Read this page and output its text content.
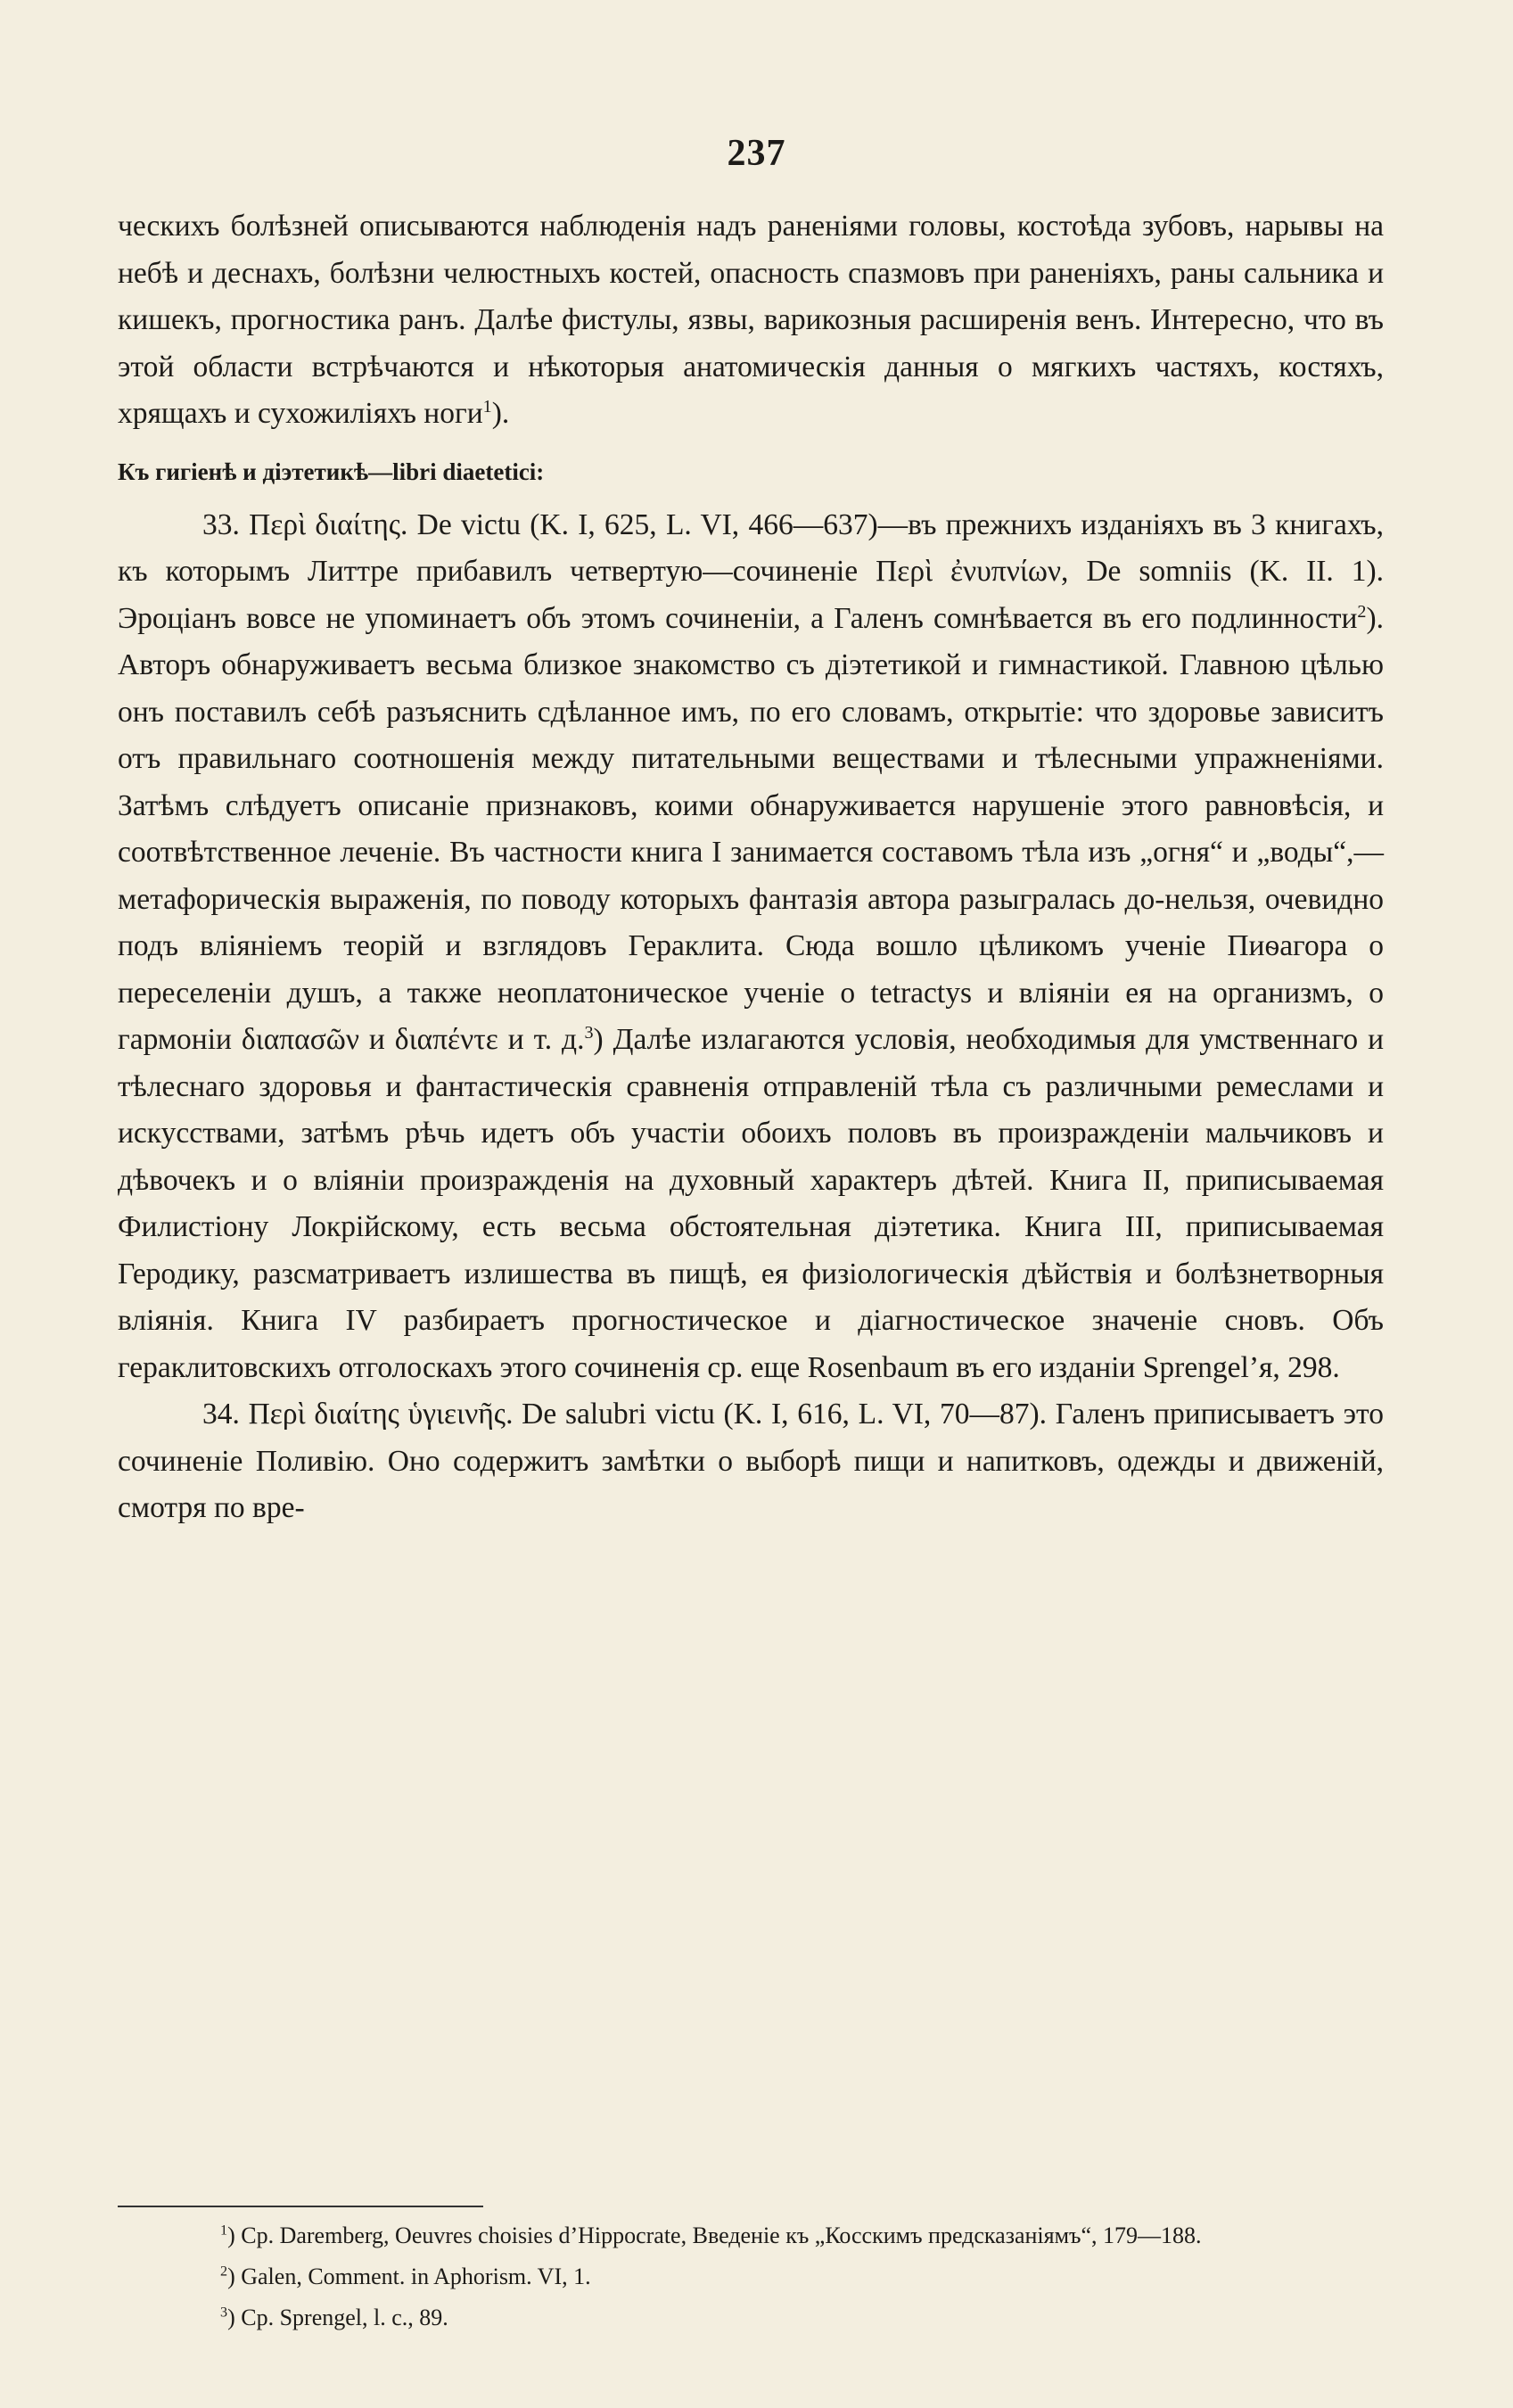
237

ческихъ болѣзней описываются наблюденія надъ раненіями головы, костоѣда зубовъ, нарывы на небѣ и деснахъ, болѣзни челюстныхъ костей, опасность спазмовъ при раненіяхъ, раны сальника и кишекъ, прогностика ранъ. Далѣе фистулы, язвы, варикозныя расширенія венъ. Интересно, что въ этой области встрѣчаются и нѣкоторыя анатомическія данныя о мягкихъ частяхъ, костяхъ, хрящахъ и сухожиліяхъ ноги$^1$).

Къ гигіенѣ и діэтетикѣ—libri diaetetici:

33. Περὶ διαίτης. De victu (K. I, 625, L. VI, 466—637)—въ прежнихъ изданіяхъ въ 3 книгахъ, къ которымъ Литтре прибавилъ четвертую—сочиненіе Περὶ ἐνυπνίων, De somniis (K. II. 1). Эроціанъ вовсе не упоминаетъ объ этомъ сочиненіи, а Галенъ сомнѣвается въ его подлинности$^2$). Авторъ обнаруживаетъ весьма близкое знакомство съ діэтетикой и гимнастикой. Главною цѣлью онъ поставилъ себѣ разъяснить сдѣланное имъ, по его словамъ, открытіе: что здоровье зависитъ отъ правильнаго соотношенія между питательными веществами и тѣлесными упражненіями. Затѣмъ слѣдуетъ описаніе признаковъ, коими обнаруживается нарушеніе этого равновѣсія, и соотвѣтственное леченіе. Въ частности книга I занимается составомъ тѣла изъ „огня“ и „воды“,—метафорическія выраженія, по поводу которыхъ фантазія автора разыгралась до-нельзя, очевидно подъ вліяніемъ теорій и взглядовъ Гераклита. Сюда вошло цѣликомъ ученіе Пиѳагора о переселеніи душъ, а также неоплатоническое ученіе о tetractys и вліяніи ея на организмъ, о гармоніи διαπασῶν и διαπέντε и т. д.$^3$) Далѣе излагаются условія, необходимыя для умственнаго и тѣлеснаго здоровья и фантастическія сравненія отправленій тѣла съ различными ремеслами и искусствами, затѣмъ рѣчь идетъ объ участіи обоихъ половъ въ произражденіи мальчиковъ и дѣвочекъ и о вліяніи произражденія на духовный характеръ дѣтей. Книга II, приписываемая Филистіону Локрійскому, есть весьма обстоятельная діэтетика. Книга III, приписываемая Геродику, разсматриваетъ излишества въ пищѣ, ея физіологическія дѣйствія и болѣзнетворныя вліянія. Книга IV разбираетъ прогностическое и діагностическое значеніе сновъ. Объ гераклитовскихъ отголоскахъ этого сочиненія ср. еще Rosenbaum въ его изданіи Sprengel’я, 298.

34. Περὶ διαίτης ὑγιεινῆς. De salubri victu (K. I, 616, L. VI, 70—87). Галенъ приписываетъ это сочиненіе Поливію. Оно содержитъ замѣтки о выборѣ пищи и напитковъ, одежды и движеній, смотря по вре-

$^1$) Ср. Daremberg, Oeuvres choisies d’Hippocrate, Введеніе къ „Косскимъ предсказаніямъ“, 179—188.

$^2$) Galen, Comment. in Aphorism. VI, 1.

$^3$) Ср. Sprengel, l. c., 89.
